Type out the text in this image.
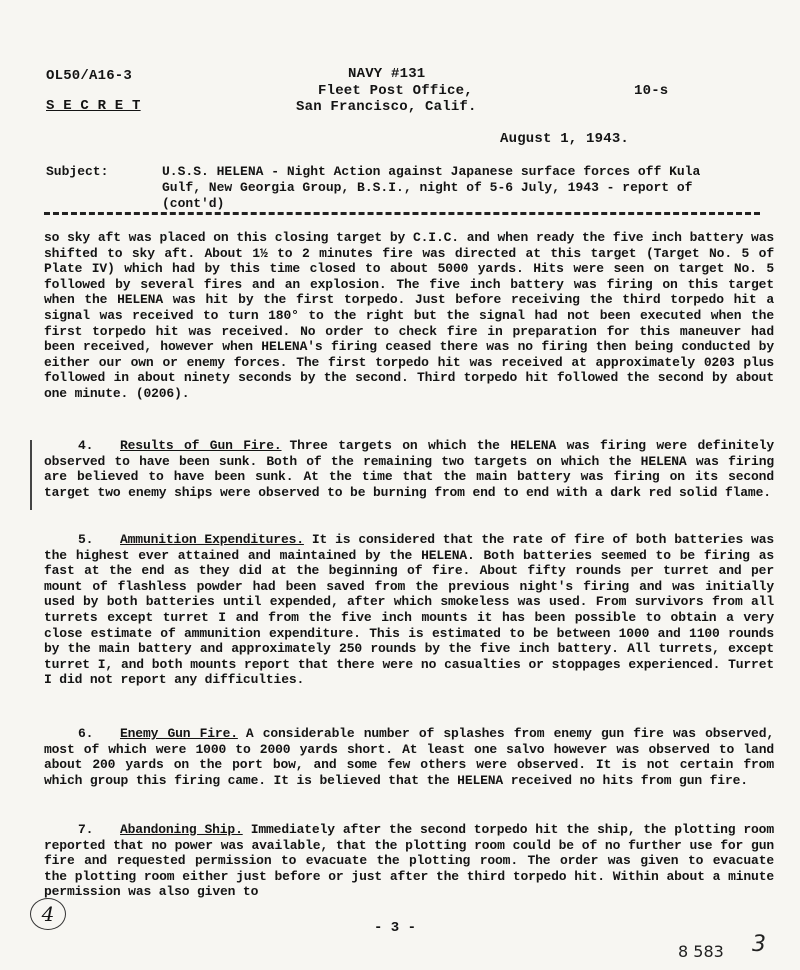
OL50/A16-3
S E C R E T
NAVY #131
Fleet Post Office,
San Francisco, Calif.
10-s
August 1, 1943.
Subject:	U.S.S. HELENA - Night Action against Japanese surface forces off Kula Gulf, New Georgia Group, B.S.I., night of 5-6 July, 1943 - report of (cont'd)
so sky aft was placed on this closing target by C.I.C. and when ready the five inch battery was shifted to sky aft. About 1½ to 2 minutes fire was directed at this target (Target No. 5 of Plate IV) which had by this time closed to about 5000 yards. Hits were seen on target No. 5 followed by several fires and an explosion. The five inch battery was firing on this target when the HELENA was hit by the first torpedo. Just before receiving the third torpedo hit a signal was received to turn 180° to the right but the signal had not been executed when the first torpedo hit was received. No order to check fire in preparation for this maneuver had been received, however when HELENA's firing ceased there was no firing then being conducted by either our own or enemy forces. The first torpedo hit was received at approximately 0203 plus followed in about ninety seconds by the second. Third torpedo hit followed the second by about one minute. (0206).
4. Results of Gun Fire. Three targets on which the HELENA was firing were definitely observed to have been sunk. Both of the remaining two targets on which the HELENA was firing are believed to have been sunk. At the time that the main battery was firing on its second target two enemy ships were observed to be burning from end to end with a dark red solid flame.
5. Ammunition Expenditures. It is considered that the rate of fire of both batteries was the highest ever attained and maintained by the HELENA. Both batteries seemed to be firing as fast at the end as they did at the beginning of fire. About fifty rounds per turret and per mount of flashless powder had been saved from the previous night's firing and was initially used by both batteries until expended, after which smokeless was used. From survivors from all turrets except turret I and from the five inch mounts it has been possible to obtain a very close estimate of ammunition expenditure. This is estimated to be between 1000 and 1100 rounds by the main battery and approximately 250 rounds by the five inch battery. All turrets, except turret I, and both mounts report that there were no casualties or stoppages experienced. Turret I did not report any difficulties.
6. Enemy Gun Fire. A considerable number of splashes from enemy gun fire was observed, most of which were 1000 to 2000 yards short. At least one salvo however was observed to land about 200 yards on the port bow, and some few others were observed. It is not certain from which group this firing came. It is believed that the HELENA received no hits from gun fire.
7. Abandoning Ship. Immediately after the second torpedo hit the ship, the plotting room reported that no power was available, that the plotting room could be of no further use for gun fire and requested permission to evacuate the plotting room. The order was given to evacuate the plotting room either just before or just after the third torpedo hit. Within about a minute permission was also given to
4
- 3 -
8 583 3
